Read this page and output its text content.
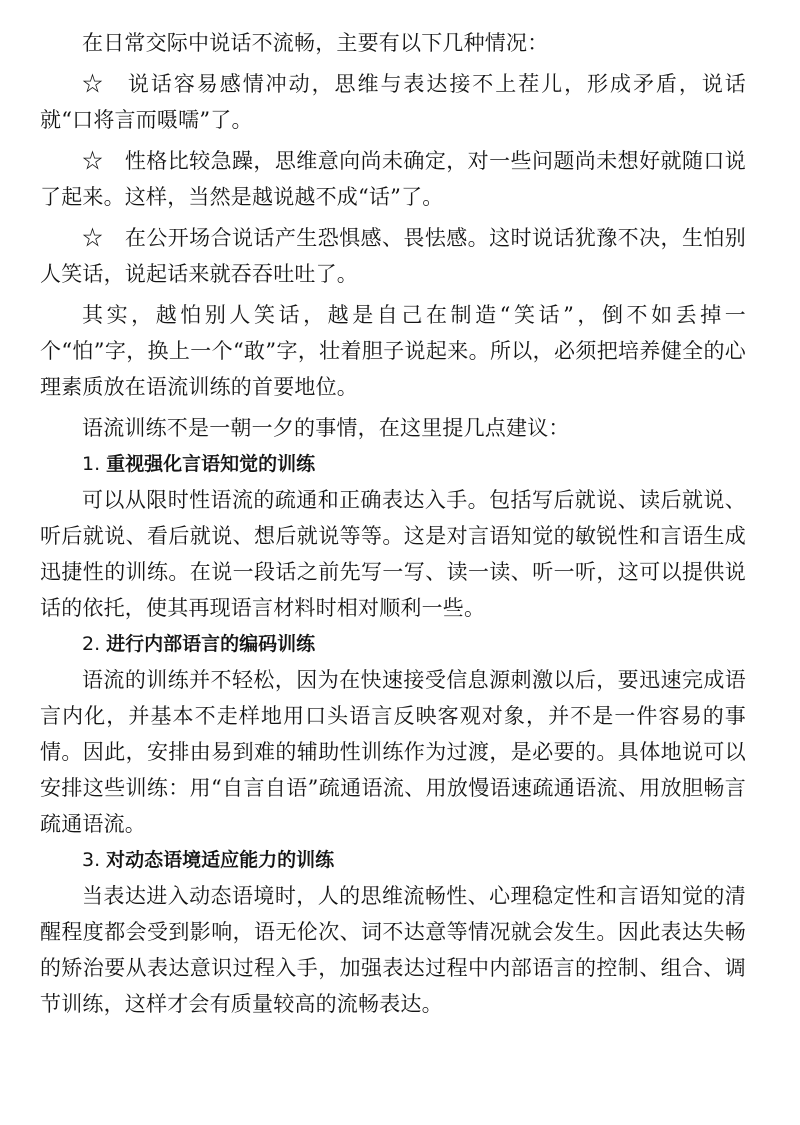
在日常交际中说话不流畅，主要有以下几种情况：

☆  说话容易感情冲动，思维与表达接不上茬儿，形成矛盾，说话就“口将言而嗫嚅”了。

☆  性格比较急躁，思维意向尚未确定，对一些问题尚未想好就随口说了起来。这样，当然是越说越不成“话”了。

☆  在公开场合说话产生恐惧感、畏怯感。这时说话犹豫不决，生怕别人笑话，说起话来就吞吞吐吐了。

其实，越怕别人笑话，越是自己在制造“笑话”，倒不如丢掉一个“怕”字，换上一个“敢”字，壮着胆子说起来。所以，必须把培养健全的心理素质放在语流训练的首要地位。

语流训练不是一朝一夕的事情，在这里提几点建议：

1. 重视强化言语知觉的训练

可以从限时性语流的疏通和正确表达入手。包括写后就说、读后就说、听后就说、看后就说、想后就说等等。这是对言语知觉的敏锐性和言语生成迅捷性的训练。在说一段话之前先写一写、读一读、听一听，这可以提供说话的依托，使其再现语言材料时相对顺利一些。

2. 进行内部语言的编码训练

语流的训练并不轻松，因为在快速接受信息源刺激以后，要迅速完成语言内化，并基本不走样地用口头语言反映客观对象，并不是一件容易的事情。因此，安排由易到难的辅助性训练作为过渡，是必要的。具体地说可以安排这些训练：用“自言自语”疏通语流、用放慢语速疏通语流、用放胆畅言疏通语流。

3. 对动态语境适应能力的训练

当表达进入动态语境时，人的思维流畅性、心理稳定性和言语知觉的清醒程度都会受到影响，语无伦次、词不达意等情况就会发生。因此表达失畅的矫治要从表达意识过程入手，加强表达过程中内部语言的控制、组合、调节训练，这样才会有质量较高的流畅表达。
